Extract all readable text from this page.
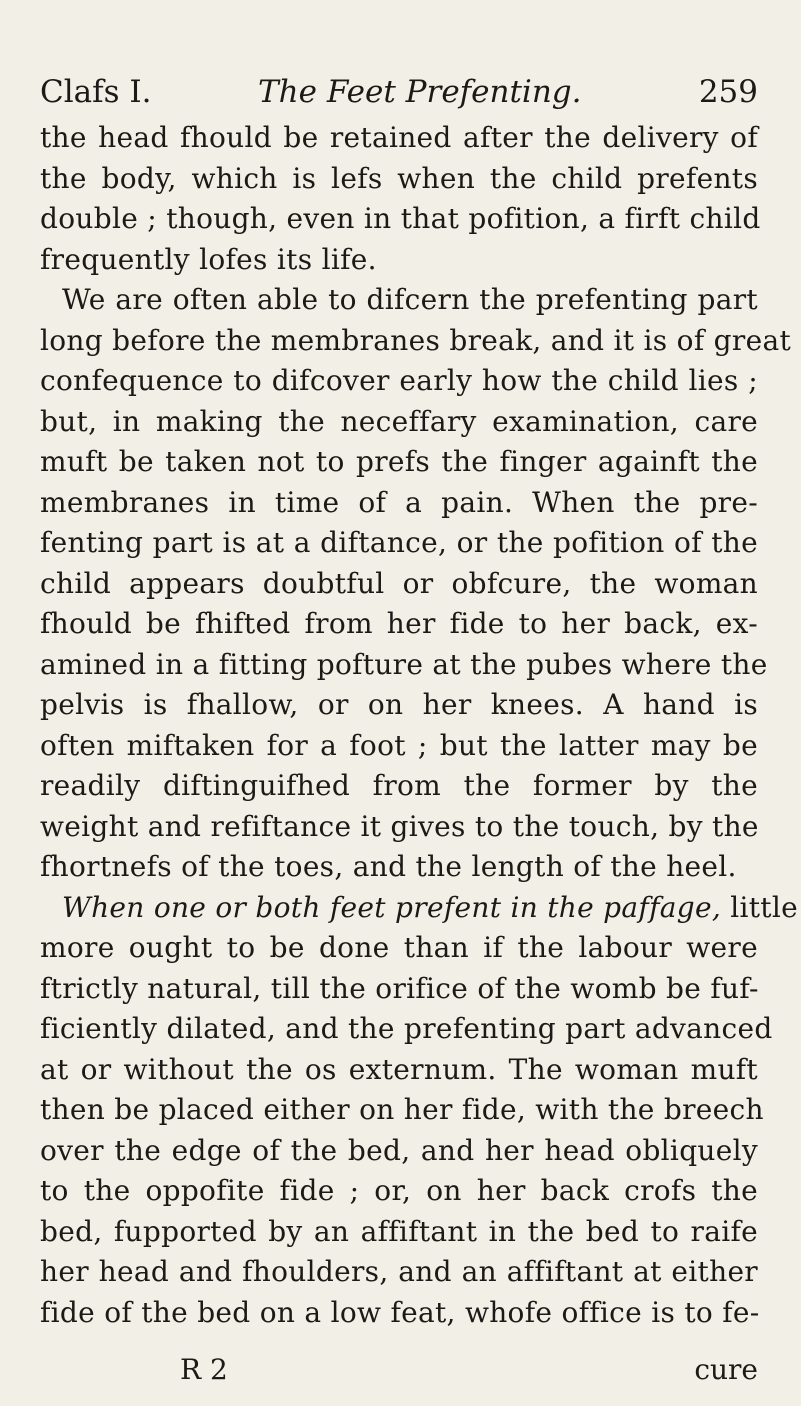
Clafs I.	The Feet Prefenting.	259
the head fhould be retained after the delivery of
the body, which is lefs when the child prefents
double ; though, even in that pofition, a firft child
frequently lofes its life.
We are often able to difcern the prefenting part
long before the membranes break, and it is of great
confequence to difcover early how the child lies ;
but, in making the neceffary examination, care
muft be taken not to prefs the finger againft the
membranes in time of a pain. When the pre-
fenting part is at a diftance, or the pofition of the
child appears doubtful or obfcure, the woman
fhould be fhifted from her fide to her back, ex-
amined in a fitting pofture at the pubes where the
pelvis is fhallow, or on her knees. A hand is
often miftaken for a foot ; but the latter may be
readily diftinguifhed from the former by the
weight and refiftance it gives to the touch, by the
fhortnefs of the toes, and the length of the heel.
When one or both feet prefent in the paffage, little
more ought to be done than if the labour were
ftrictly natural, till the orifice of the womb be fuf-
ficiently dilated, and the prefenting part advanced
at or without the os externum. The woman muft
then be placed either on her fide, with the breech
over the edge of the bed, and her head obliquely
to the oppofite fide ; or, on her back crofs the
bed, fupported by an affiftant in the bed to raife
her head and fhoulders, and an affiftant at either
fide of the bed on a low feat, whofe office is to fe-
R 2	cure
